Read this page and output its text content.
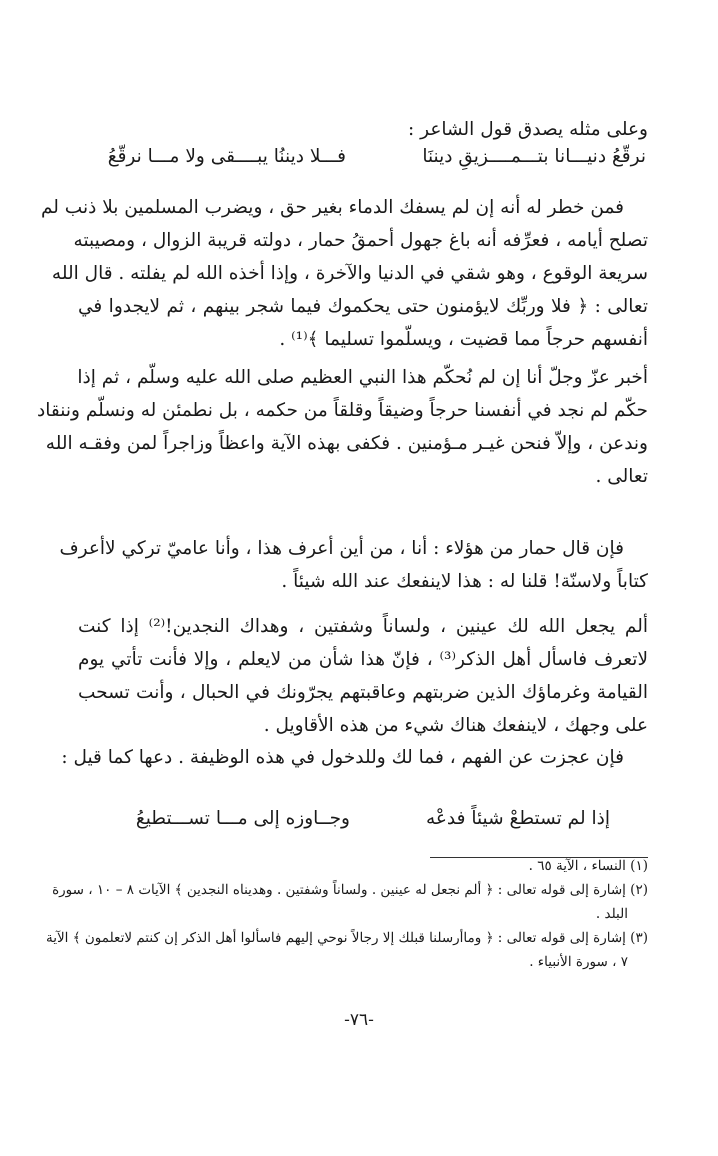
وعلى مثله يصدق قول الشاعر :
نرقّعُ دنيـــانا بتـــمــــزيقِ ديننَا
فـــلا ديننُا يبــــقى ولا مـــا نرقّعُ
فمن خطر له أنه إن لم يسفك الدماء بغير حق ، ويضرب المسلمين بلا ذنب لم
تصلح أيامه ، فعرِّفه أنه باغ جهول أحمقُ حمار ، دولته قريبة الزوال ، ومصيبته
سريعة الوقوع ، وهو شقي في الدنيا والآخرة ، وإذا أخذه الله لم يفلته . قال الله
تعالى : ﴿ فلا وربِّك لايؤمنون حتى يحكموك فيما شجر بينهم ، ثم لايجدوا في
أنفسهم حرجاً مما قضيت ، ويسلّموا تسليما ﴾⁽¹⁾ .
أخبر عزّ وجلّ أنا إن لم نُحكّم هذا النبي العظيم صلى الله عليه وسلّم ، ثم إذا
حكّم لم نجد في أنفسنا حرجاً وضيقاً وقلقاً من حكمه ، بل نطمئن له ونسلّم وننقاد
وندعن ، وإلاّ فنحن غيـر مـؤمنين . فكفى بهذه الآية واعظاً وزاجراً لمن وفقـه الله
تعالى .
فإن قال حمار من هؤلاء : أنا ، من أين أعرف هذا ، وأنا عاميّ تركي لاأعرف
كتاباً ولاسنّة! قلنا له : هذا لاينفعك عند الله شيئاً .
ألم يجعل الله لك عينين ، ولساناً وشفتين ، وهداك النجدين!⁽²⁾ إذا كنت
لاتعرف فاسأل أهل الذكر⁽³⁾ ، فإنّ هذا شأن من لايعلم ، وإلا فأنت تأتي يوم
القيامة وغرماؤك الذين ضربتهم وعاقبتهم يجرّونك في الحبال ، وأنت تسحب
على وجهك ، لاينفعك هناك شيء من هذه الأقاويل .
فإن عجزت عن الفهم ، فما لك وللدخول في هذه الوظيفة . دعها كما قيل :
إذا لم تستطعْ شيئاً فدعْه
وجــاوزه إلى مـــا تســـتطيعُ
(١) النساء ، الآية ٦٥ .
(٢) إشارة إلى قوله تعالى : ﴿ ألم نجعل له عينين . ولساناً وشفتين . وهديناه النجدين ﴾ الآيات ٨ – ١٠ ، سورة
البلد .
(٣) إشارة إلى قوله تعالى : ﴿ وماأرسلنا قبلك إلا رجالاً نوحي إليهم فاسألوا أهل الذكر إن كنتم لاتعلمون ﴾ الآية
٧ ، سورة الأنبياء .
-٧٦-
